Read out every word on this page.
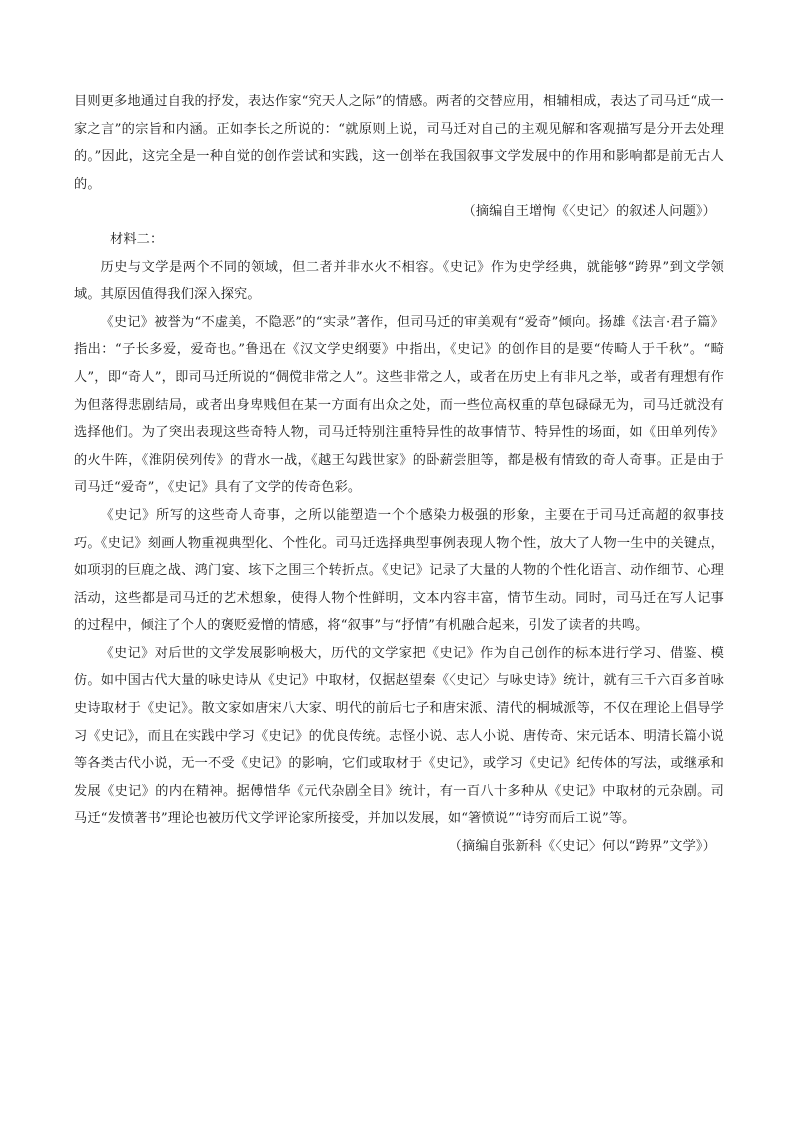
目则更多地通过自我的抒发，表达作家“究天人之际”的情感。两者的交替应用，相辅相成，表达了司马迁“成一家之言”的宗旨和内涵。正如李长之所说的：“就原则上说，司马迁对自己的主观见解和客观描写是分开去处理的。”因此，这完全是一种自觉的创作尝试和实践，这一创举在我国叙事文学发展中的作用和影响都是前无古人的。

（摘编自王增恂《〈史记〉的叙述人问题》）

材料二：

历史与文学是两个不同的领域，但二者并非水火不相容。《史记》作为史学经典，就能够“跨界”到文学领域。其原因值得我们深入探究。

《史记》被誉为“不虚美，不隐恶”的“实录”著作，但司马迁的审美观有“爱奇”倾向。扬雄《法言·君子篇》指出：“子长多爱，爱奇也。”鲁迅在《汉文学史纲要》中指出，《史记》的创作目的是要“传畸人于千秋”。“畸人”，即“奇人”，即司马迁所说的“倜傥非常之人”。这些非常之人，或者在历史上有非凡之举，或者有理想有作为但落得悲剧结局，或者出身卑贱但在某一方面有出众之处，而一些位高权重的草包碌碌无为，司马迁就没有选择他们。为了突出表现这些奇特人物，司马迁特别注重特异性的故事情节、特异性的场面，如《田单列传》的火牛阵，《淮阴侯列传》的背水一战，《越王勾践世家》的卧薪尝胆等，都是极有情致的奇人奇事。正是由于司马迁“爱奇”，《史记》具有了文学的传奇色彩。

《史记》所写的这些奇人奇事，之所以能塑造一个个感染力极强的形象，主要在于司马迁高超的叙事技巧。《史记》刻画人物重视典型化、个性化。司马迁选择典型事例表现人物个性，放大了人物一生中的关键点，如项羽的巨鹿之战、鸿门宴、垓下之围三个转折点。《史记》记录了大量的人物的个性化语言、动作细节、心理活动，这些都是司马迁的艺术想象，使得人物个性鲜明，文本内容丰富，情节生动。同时，司马迁在写人记事的过程中，倾注了个人的褒贬爱憎的情感，将“叙事”与“抒情”有机融合起来，引发了读者的共鸣。

《史记》对后世的文学发展影响极大，历代的文学家把《史记》作为自己创作的标本进行学习、借鉴、模仿。如中国古代大量的咏史诗从《史记》中取材，仅据赵望秦《〈史记〉与咏史诗》统计，就有三千六百多首咏史诗取材于《史记》。散文家如唐宋八大家、明代的前后七子和唐宋派、清代的桐城派等，不仅在理论上倡导学习《史记》，而且在实践中学习《史记》的优良传统。志怪小说、志人小说、唐传奇、宋元话本、明清长篇小说等各类古代小说，无一不受《史记》的影响，它们或取材于《史记》，或学习《史记》纪传体的写法，或继承和发展《史记》的内在精神。据傅惜华《元代杂剧全目》统计，有一百八十多种从《史记》中取材的元杂剧。司马迁“发愤著书”理论也被历代文学评论家所接受，并加以发展，如“箸愤说”“诗穷而后工说”等。

（摘编自张新科《〈史记〉何以“跨界”文学》）
